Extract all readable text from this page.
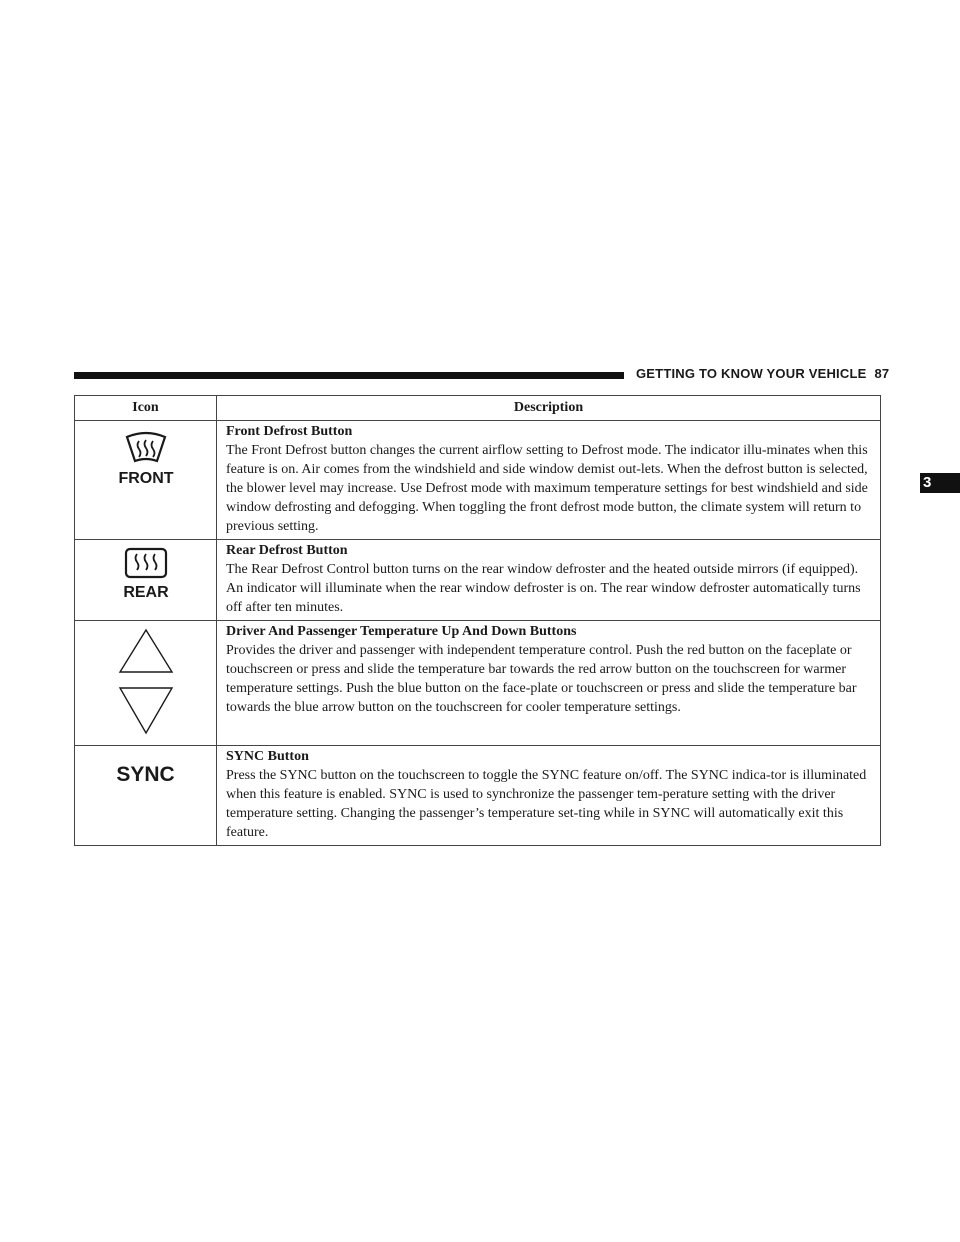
GETTING TO KNOW YOUR VEHICLE 87
3
Icon	Description

FRONT	Front Defrost Button
The Front Defrost button changes the current airflow setting to Defrost mode. The indicator illu-minates when this feature is on. Air comes from the windshield and side window demist out-lets. When the defrost button is selected, the blower level may increase. Use Defrost mode with maximum temperature settings for best windshield and side window defrosting and defogging. When toggling the front defrost mode button, the climate system will return to previous setting.

REAR	Rear Defrost Button
The Rear Defrost Control button turns on the rear window defroster and the heated outside mirrors (if equipped). An indicator will illuminate when the rear window defroster is on. The rear window defroster automatically turns off after ten minutes.

Driver And Passenger Temperature Up And Down Buttons
Provides the driver and passenger with independent temperature control. Push the red button on the faceplate or touchscreen or press and slide the temperature bar towards the red arrow button on the touchscreen for warmer temperature settings. Push the blue button on the face-plate or touchscreen or press and slide the temperature bar towards the blue arrow button on the touchscreen for cooler temperature settings.

SYNC	SYNC Button
Press the SYNC button on the touchscreen to toggle the SYNC feature on/off. The SYNC indica-tor is illuminated when this feature is enabled. SYNC is used to synchronize the passenger tem-perature setting with the driver temperature setting. Changing the passenger’s temperature set-ting while in SYNC will automatically exit this feature.
